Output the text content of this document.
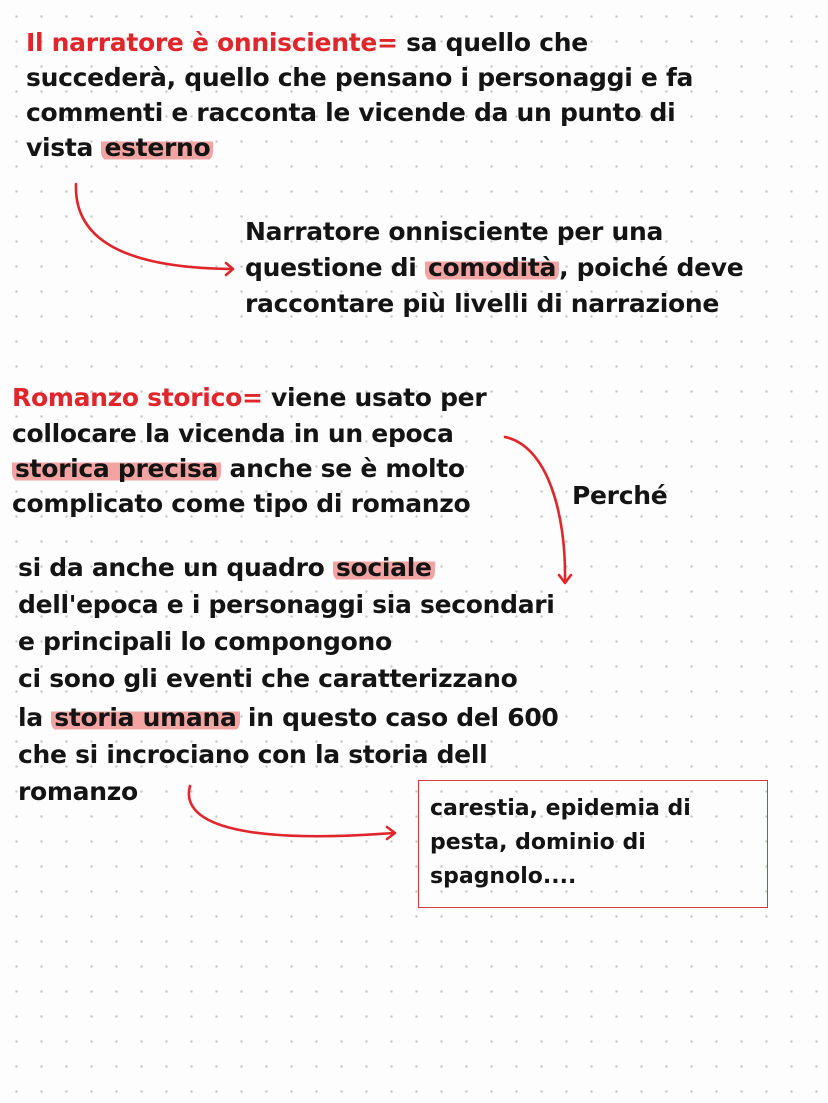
Il narratore è onnisciente= sa quello che
succederà, quello che pensano i personaggi e fa
commenti e racconta le vicende da un punto di
vista esterno
Narratore onnisciente per una
questione di comodità , poiché deve
raccontare più livelli di narrazione
Romanzo storico= viene usato per
collocare la vicenda in un epoca
storica precisa anche se è molto
complicato come tipo di romanzo	Perché
si da anche un quadro sociale
dell'epoca e i personaggi sia secondari
e principali lo compongono
ci sono gli eventi che caratterizzano
la storia umana in questo caso del 600
che si incrociano con la storia dell
romanzo
carestia, epidemia di
pesta, dominio di
spagnolo....
